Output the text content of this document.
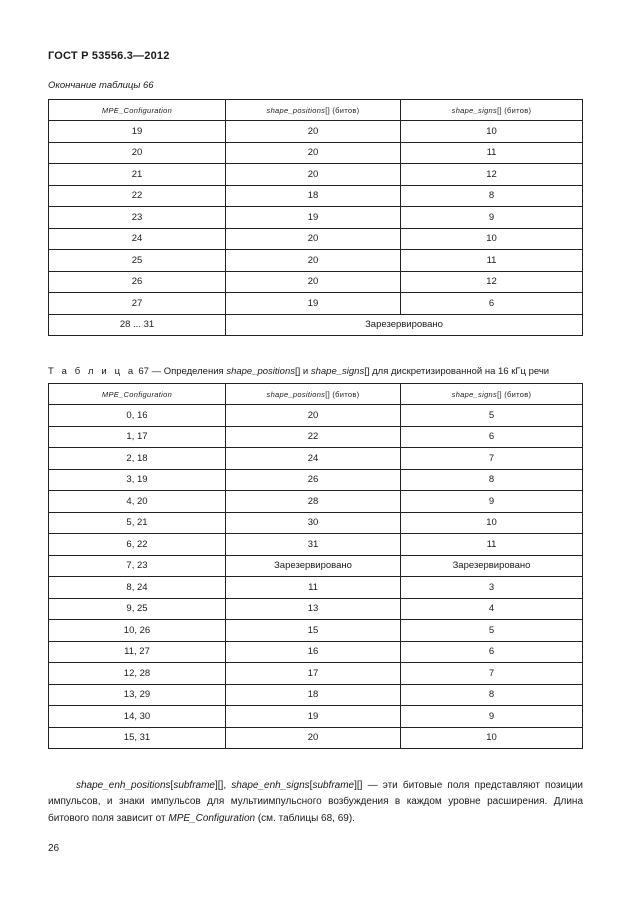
ГОСТ Р 53556.3—2012
Окончание таблицы 66
MPE_Configuration	shape_positions[] (битов)	shape_signs[] (битов)
19	20	10
20	20	11
21	20	12
22	18	8
23	19	9
24	20	10
25	20	11
26	20	12
27	19	6
28 ... 31	Зарезервировано	
Т а б л и ц а 67 — Определения shape_positions[] и shape_signs[] для дискретизированной на 16 кГц речи
MPE_Configuration	shape_positions[] (битов)	shape_signs[] (битов)
0, 16	20	5
1, 17	22	6
2, 18	24	7
3, 19	26	8
4, 20	28	9
5, 21	30	10
6, 22	31	11
7, 23	Зарезервировано	Зарезервировано
8, 24	11	3
9, 25	13	4
10, 26	15	5
11, 27	16	6
12, 28	17	7
13, 29	18	8
14, 30	19	9
15, 31	20	10
shape_enh_positions[subframe][], shape_enh_signs[subframe][] — эти битовые поля представляют позиции импульсов, и знаки импульсов для мультиимпульсного возбуждения в каждом уровне расширения. Длина битового поля зависит от MPE_Configuration (см. таблицы 68, 69).
26
